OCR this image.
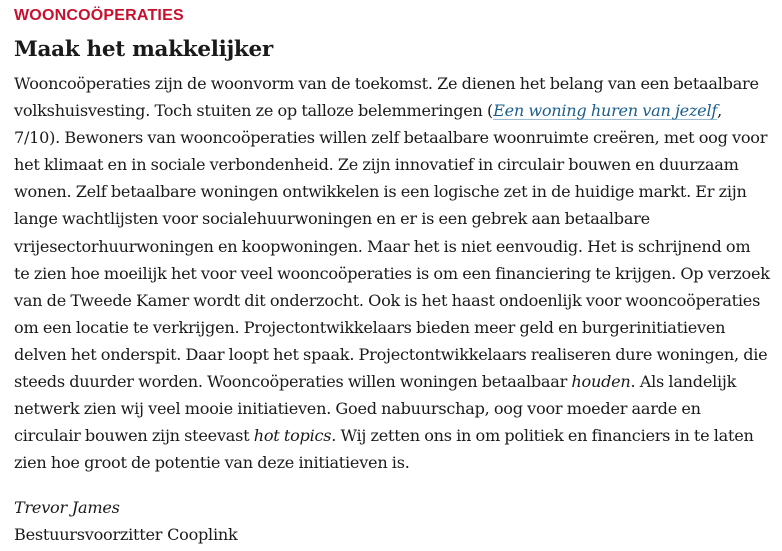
WOONCOÖPERATIES
Maak het makkelijker

Wooncoöperaties zijn de woonvorm van de toekomst. Ze dienen het belang van een betaalbare volkshuisvesting. Toch stuiten ze op talloze belemmeringen (Een woning huren van jezelf, 7/10). Bewoners van wooncoöperaties willen zelf betaalbare woonruimte creëren, met oog voor het klimaat en in sociale verbondenheid. Ze zijn innovatief in circulair bouwen en duurzaam wonen. Zelf betaalbare woningen ontwikkelen is een logische zet in de huidige markt. Er zijn lange wachtlijsten voor socialehuurwoningen en er is een gebrek aan betaalbare vrijesectorhuurwoningen en koopwoningen. Maar het is niet eenvoudig. Het is schrijnend om te zien hoe moeilijk het voor veel wooncoöperaties is om een financiering te krijgen. Op verzoek van de Tweede Kamer wordt dit onderzocht. Ook is het haast ondoenlijk voor wooncoöperaties om een locatie te verkrijgen. Projectontwikkelaars bieden meer geld en burgerinitiatieven delven het onderspit. Daar loopt het spaak. Projectontwikkelaars realiseren dure woningen, die steeds duurder worden. Wooncoöperaties willen woningen betaalbaar houden. Als landelijk netwerk zien wij veel mooie initiatieven. Goed nabuurschap, oog voor moeder aarde en circulair bouwen zijn steevast hot topics. Wij zetten ons in om politiek en financiers in te laten zien hoe groot de potentie van deze initiatieven is.

Trevor James
Bestuursvoorzitter Cooplink
